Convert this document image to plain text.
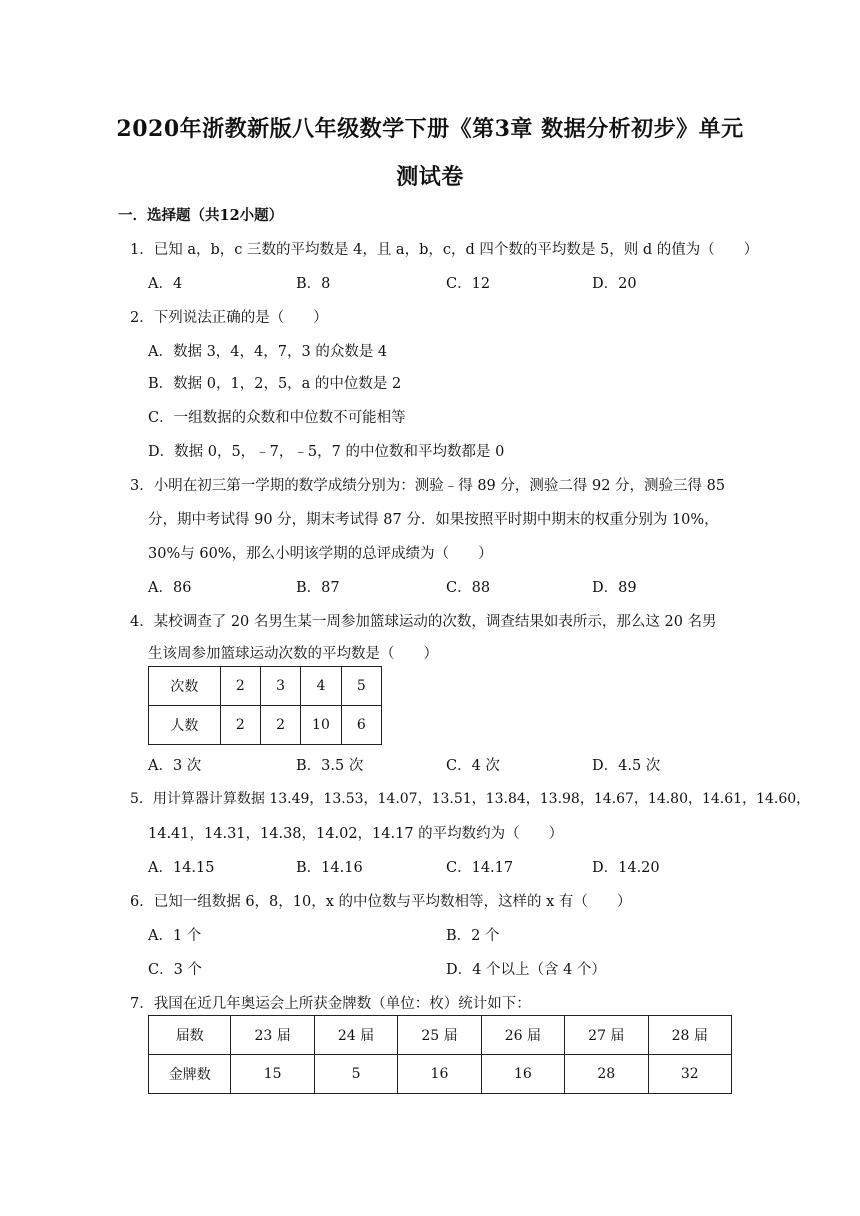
2020年浙教新版八年级数学下册《第3章 数据分析初步》单元
测试卷
一．选择题（共12小题）
1．已知 a，b，c 三数的平均数是 4，且 a，b，c，d 四个数的平均数是 5，则 d 的值为（　　）
A．4	B．8	C．12	D．20
2．下列说法正确的是（　　）
A．数据 3，4，4，7，3 的众数是 4
B．数据 0，1，2，5，a 的中位数是 2
C．一组数据的众数和中位数不可能相等
D．数据 0，5，﹣7，﹣5，7 的中位数和平均数都是 0
3．小明在初三第一学期的数学成绩分别为：测验﹣得 89 分，测验二得 92 分，测验三得 85
分，期中考试得 90 分，期末考试得 87 分．如果按照平时期中期末的权重分别为 10%，
30%与 60%，那么小明该学期的总评成绩为（　　）
A．86	B．87	C．88	D．89
4．某校调查了 20 名男生某一周参加篮球运动的次数，调查结果如表所示，那么这 20 名男
生该周参加篮球运动次数的平均数是（　　）
次数	2	3	4	5
人数	2	2	10	6
A．3 次	B．3.5 次	C．4 次	D．4.5 次
5．用计算器计算数据 13.49，13.53，14.07，13.51，13.84，13.98，14.67，14.80，14.61，14.60，
14.41，14.31，14.38，14.02，14.17 的平均数约为（　　）
A．14.15	B．14.16	C．14.17	D．14.20
6．已知一组数据 6，8，10，x 的中位数与平均数相等，这样的 x 有（　　）
A．1 个	B．2 个
C．3 个	D．4 个以上（含 4 个）
7．我国在近几年奥运会上所获金牌数（单位：枚）统计如下：
届数	23 届	24 届	25 届	26 届	27 届	28 届
金牌数	15	5	16	16	28	32
